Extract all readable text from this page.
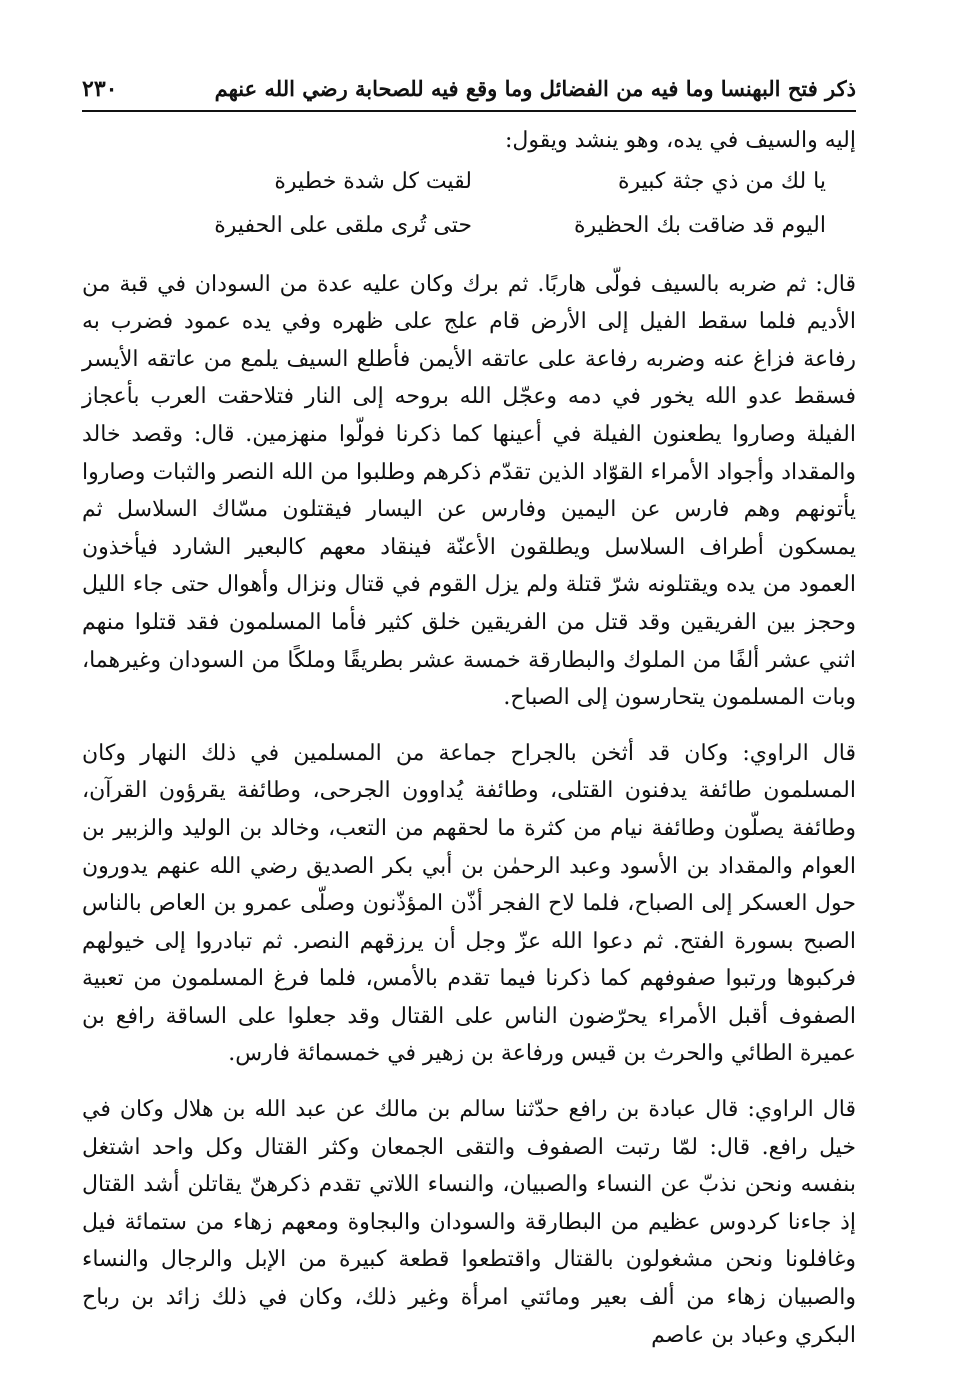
ذكر فتح البهنسا وما فيه من الفضائل وما وقع فيه للصحابة رضي الله عنهم
٢٣٠

إليه والسيف في يده، وهو ينشد ويقول:

يا لك من ذي جثة كبيرة
لقيت كل شدة خطيرة
اليوم قد ضاقت بك الحظيرة
حتى تُرى ملقى على الحفيرة

قال: ثم ضربه بالسيف فولّى هاربًا. ثم برك وكان عليه عدة من السودان في قبة من الأديم فلما سقط الفيل إلى الأرض قام علج على ظهره وفي يده عمود فضرب به رفاعة فزاغ عنه وضربه رفاعة على عاتقه الأيمن فأطلع السيف يلمع من عاتقه الأيسر فسقط عدو الله يخور في دمه وعجّل الله بروحه إلى النار فتلاحقت العرب بأعجاز الفيلة وصاروا يطعنون الفيلة في أعينها كما ذكرنا فولّوا منهزمين. قال: وقصد خالد والمقداد وأجواد الأمراء القوّاد الذين تقدّم ذكرهم وطلبوا من الله النصر والثبات وصاروا يأتونهم وهم فارس عن اليمين وفارس عن اليسار فيقتلون مسّاك السلاسل ثم يمسكون أطراف السلاسل ويطلقون الأعنّة فينقاد معهم كالبعير الشارد فيأخذون العمود من يده ويقتلونه شرّ قتلة ولم يزل القوم في قتال ونزال وأهوال حتى جاء الليل وحجز بين الفريقين وقد قتل من الفريقين خلق كثير فأما المسلمون فقد قتلوا منهم اثني عشر ألفًا من الملوك والبطارقة خمسة عشر بطريقًا وملكًا من السودان وغيرهما، وبات المسلمون يتحارسون إلى الصباح.

قال الراوي: وكان قد أثخن بالجراح جماعة من المسلمين في ذلك النهار وكان المسلمون طائفة يدفنون القتلى، وطائفة يُداوون الجرحى، وطائفة يقرؤون القرآن، وطائفة يصلّون وطائفة نيام من كثرة ما لحقهم من التعب، وخالد بن الوليد والزبير بن العوام والمقداد بن الأسود وعبد الرحمٰن بن أبي بكر الصديق رضي الله عنهم يدورون حول العسكر إلى الصباح، فلما لاح الفجر أذّن المؤذّنون وصلّى عمرو بن العاص بالناس الصبح بسورة الفتح. ثم دعوا الله عزّ وجل أن يرزقهم النصر. ثم تبادروا إلى خيولهم فركبوها ورتبوا صفوفهم كما ذكرنا فيما تقدم بالأمس، فلما فرغ المسلمون من تعبية الصفوف أقبل الأمراء يحرّضون الناس على القتال وقد جعلوا على الساقة رافع بن عميرة الطائي والحرث بن قيس ورفاعة بن زهير في خمسمائة فارس.

قال الراوي: قال عبادة بن رافع حدّثنا سالم بن مالك عن عبد الله بن هلال وكان في خيل رافع. قال: لمّا رتبت الصفوف والتقى الجمعان وكثر القتال وكل واحد اشتغل بنفسه ونحن نذبّ عن النساء والصبيان، والنساء اللاتي تقدم ذكرهنّ يقاتلن أشد القتال إذ جاءنا كردوس عظيم من البطارقة والسودان والبجاوة ومعهم زهاء من ستمائة فيل وغافلونا ونحن مشغولون بالقتال واقتطعوا قطعة كبيرة من الإبل والرجال والنساء والصبيان زهاء من ألف بعير ومائتي امرأة وغير ذلك، وكان في ذلك زائد بن رباح البكري وعباد بن عاصم
